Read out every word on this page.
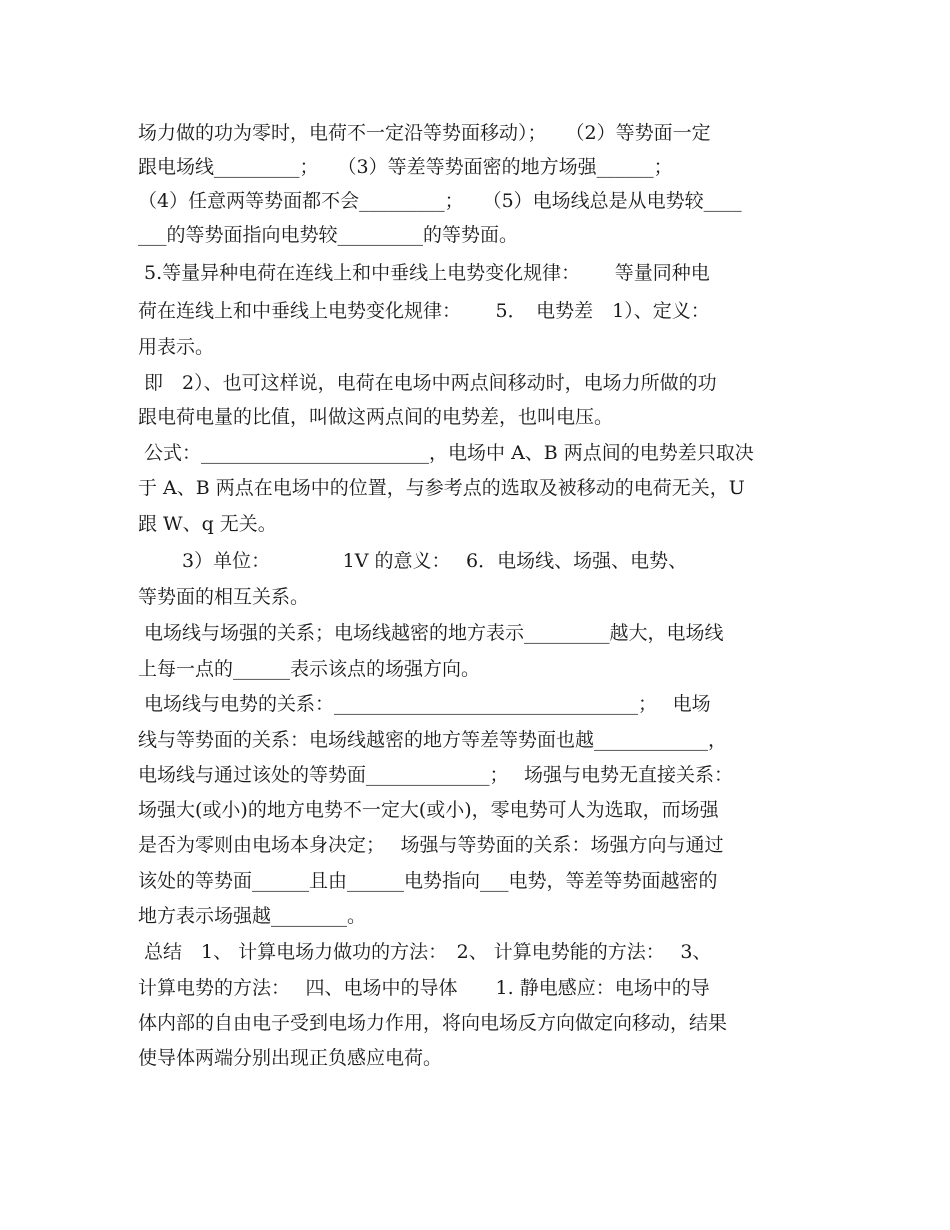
场力做的功为零时，电荷不一定沿等势面移动）；　　（2）等势面一定
跟电场线_________；　　（3）等差等势面密的地方场强______；
（4）任意两等势面都不会_________；　　（5）电场线总是从电势较____
___的等势面指向电势较_________的等势面。
5.等量异种电荷在连线上和中垂线上电势变化规律：　　 等量同种电
荷在连线上和中垂线上电势变化规律：　　 5．　电势差　1）、定义：
用表示。
即　2）、也可这样说，电荷在电场中两点间移动时，电场力所做的功
跟电荷电量的比值，叫做这两点间的电势差，也叫电压。
公式：________________________，电场中 A、B 两点间的电势差只取决
于 A、B 两点在电场中的位置，与参考点的选取及被移动的电荷无关，U
跟 W、q 无关。
　　 3）单位：　　　　 1V 的意义：　 6．电场线、场强、电势、
等势面的相互关系。
电场线与场强的关系；电场线越密的地方表示_________越大，电场线
上每一点的______表示该点的场强方向。
电场线与电势的关系：________________________________；　 电场
线与等势面的关系：电场线越密的地方等差等势面也越____________，
电场线与通过该处的等势面_____________；　 场强与电势无直接关系：
场强大(或小)的地方电势不一定大(或小)，零电势可人为选取，而场强
是否为零则由电场本身决定；　 场强与等势面的关系：场强方向与通过
该处的等势面______且由______电势指向___电势，等差等势面越密的
地方表示场强越________。
总结　1、 计算电场力做功的方法：　2、 计算电势能的方法：　 3、
计算电势的方法：　 四、电场中的导体　　1. 静电感应：电场中的导
体内部的自由电子受到电场力作用，将向电场反方向做定向移动，结果
使导体两端分别出现正负感应电荷。
